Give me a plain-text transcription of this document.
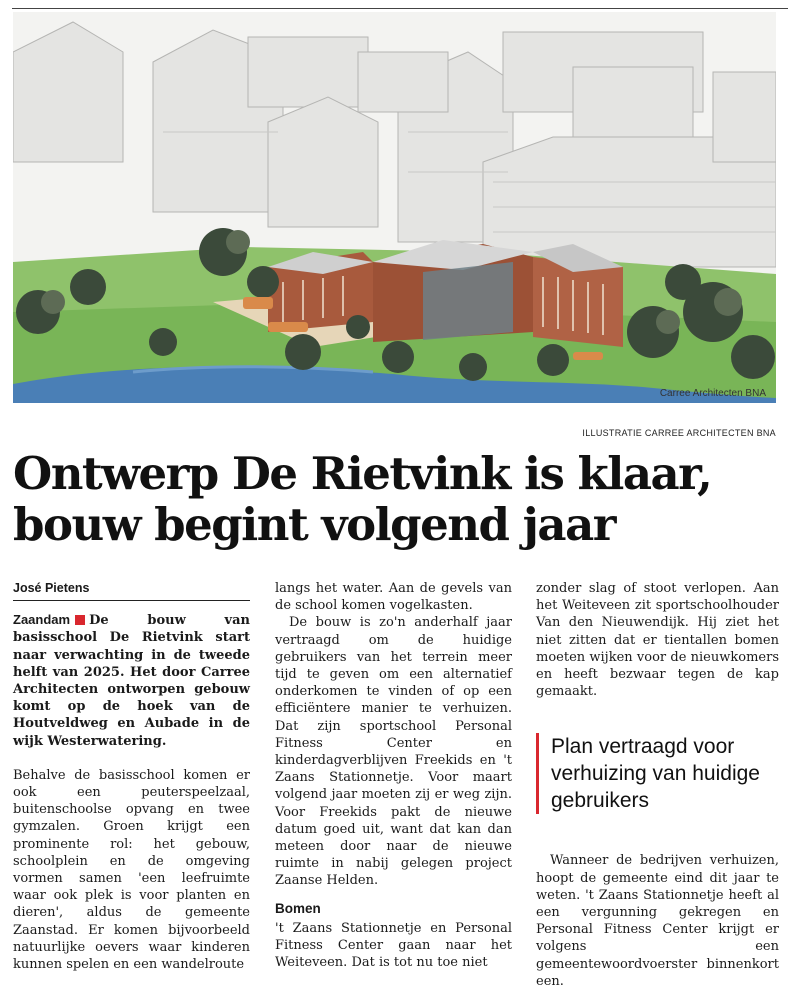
Carree Architecten BNA
ILLUSTRATIE CARREE ARCHITECTEN BNA
Ontwerp De Rietvink is klaar, bouw begint volgend jaar
José Pietens

Zaandam De bouw van basisschool De Rietvink start naar verwachting in de tweede helft van 2025. Het door Carree Architecten ontworpen gebouw komt op de hoek van de Houtveldweg en Aubade in de wijk Westerwatering.

Behalve de basisschool komen er ook een peuterspeelzaal, buitenschoolse opvang en twee gymzalen. Groen krijgt een prominente rol: het gebouw, schoolplein en de omgeving vormen samen 'een leefruimte waar ook plek is voor planten en dieren', aldus de gemeente Zaanstad. Er komen bijvoorbeeld natuurlijke oevers waar kinderen kunnen spelen en een wandelroute

langs het water. Aan de gevels van de school komen vogelkasten.

De bouw is zo'n anderhalf jaar vertraagd om de huidige gebruikers van het terrein meer tijd te geven om een alternatief onderkomen te vinden of op een efficiëntere manier te verhuizen. Dat zijn sportschool Personal Fitness Center en kinderdagverblijven Freekids en 't Zaans Stationnetje. Voor maart volgend jaar moeten zij er weg zijn. Voor Freekids pakt de nieuwe datum goed uit, want dat kan dan meteen door naar de nieuwe ruimte in nabij gelegen project Zaanse Helden.

Bomen

't Zaans Stationnetje en Personal Fitness Center gaan naar het Weiteveen. Dat is tot nu toe niet

zonder slag of stoot verlopen. Aan het Weiteveen zit sportschoolhouder Van den Nieuwendijk. Hij ziet het niet zitten dat er tientallen bomen moeten wijken voor de nieuwkomers en heeft bezwaar tegen de kap gemaakt.

Plan vertraagd voor verhuizing van huidige gebruikers

Wanneer de bedrijven verhuizen, hoopt de gemeente eind dit jaar te weten. 't Zaans Stationnetje heeft al een vergunning gekregen en Personal Fitness Center krijgt er volgens een gemeentewoordvoerster binnenkort een.
